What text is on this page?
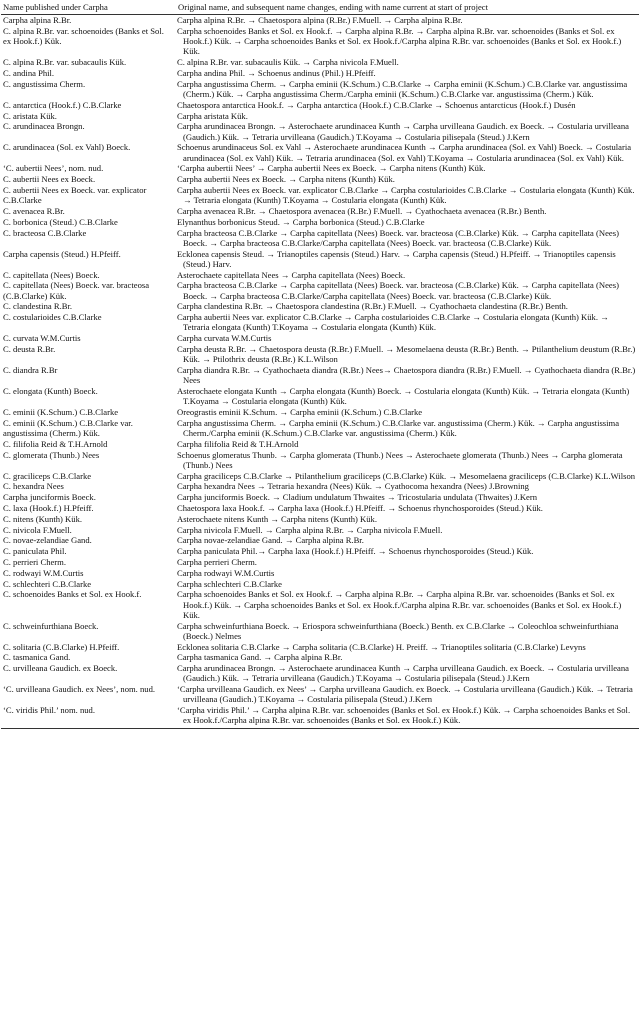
Name published under Carpha	Original name, and subsequent name changes, ending with name current at start of project
Carpha alpina R.Br.	Carpha alpina R.Br. → Chaetospora alpina (R.Br.) F.Muell. → Carpha alpina R.Br.
C. alpina R.Br. var. schoenoides (Banks et Sol. ex Hook.f.) Kük.	Carpha schoenoides Banks et Sol. ex Hook.f. → Carpha alpina R.Br. → Carpha alpina R.Br. var. schoenoides (Banks et Sol. ex Hook.f.) Kük. → Carpha schoenoides Banks et Sol. ex Hook.f./Carpha alpina R.Br. var. schoenoides (Banks et Sol. ex Hook.f.) Kük.
C. alpina R.Br. var. subacaulis Kük.	C. alpina R.Br. var. subacaulis Kük. → Carpha nivicola F.Muell.
C. andina Phil.	Carpha andina Phil. → Schoenus andinus (Phil.) H.Pfeiff.
C. angustissima Cherm.	Carpha angustissima Cherm. → Carpha eminii (K.Schum.) C.B.Clarke → Carpha eminii (K.Schum.) C.B.Clarke var. angustissima (Cherm.) Kük. → Carpha angustissima Cherm./Carpha eminii (K.Schum.) C.B.Clarke var. angustissima (Cherm.) Kük.
C. antarctica (Hook.f.) C.B.Clarke	Chaetospora antarctica Hook.f. → Carpha antarctica (Hook.f.) C.B.Clarke → Schoenus antarcticus (Hook.f.) Dusén
C. aristata Kük.	Carpha aristata Kük.
C. arundinacea Brongn.	Carpha arundinacea Brongn. → Asterochaete arundinacea Kunth → Carpha urvilleana Gaudich. ex Boeck. → Costularia urvilleana (Gaudich.) Kük. → Tetraria urvilleana (Gaudich.) T.Koyama → Costularia pilisepala (Steud.) J.Kern
C. arundinacea (Sol. ex Vahl) Boeck.	Schoenus arundinaceus Sol. ex Vahl → Asterochaete arundinacea Kunth → Carpha arundinacea (Sol. ex Vahl) Boeck. → Costularia arundinacea (Sol. ex Vahl) Kük. → Tetraria arundinacea (Sol. ex Vahl) T.Koyama → Costularia arundinacea (Sol. ex Vahl) Kük.
‘C. aubertii Nees’, nom. nud.	‘Carpha aubertii Nees’ → Carpha aubertii Nees ex Boeck. → Carpha nitens (Kunth) Kük.
C. aubertii Nees ex Boeck.	Carpha aubertii Nees ex Boeck. → Carpha nitens (Kunth) Kük.
C. aubertii Nees ex Boeck. var. explicator C.B.Clarke	Carpha aubertii Nees ex Boeck. var. explicator C.B.Clarke → Carpha costularioides C.B.Clarke → Costularia elongata (Kunth) Kük. → Tetraria elongata (Kunth) T.Koyama → Costularia elongata (Kunth) Kük.
C. avenacea R.Br.	Carpha avenacea R.Br. → Chaetospora avenacea (R.Br.) F.Muell. → Cyathochaeta avenacea (R.Br.) Benth.
C. borbonica (Steud.) C.B.Clarke	Elynanthus borbonicus Steud. → Carpha borbonica (Steud.) C.B.Clarke
C. bracteosa C.B.Clarke	Carpha bracteosa C.B.Clarke → Carpha capitellata (Nees) Boeck. var. bracteosa (C.B.Clarke) Kük. → Carpha capitellata (Nees) Boeck. → Carpha bracteosa C.B.Clarke/Carpha capitellata (Nees) Boeck. var. bracteosa (C.B.Clarke) Kük.
Carpha capensis (Steud.) H.Pfeiff.	Ecklonea capensis Steud. → Trianoptiles capensis (Steud.) Harv. → Carpha capensis (Steud.) H.Pfeiff. → Trianoptiles capensis (Steud.) Harv.
C. capitellata (Nees) Boeck.	Asterochaete capitellata Nees → Carpha capitellata (Nees) Boeck.
C. capitellata (Nees) Boeck. var. bracteosa (C.B.Clarke) Kük.	Carpha bracteosa C.B.Clarke → Carpha capitellata (Nees) Boeck. var. bracteosa (C.B.Clarke) Kük. → Carpha capitellata (Nees) Boeck. → Carpha bracteosa C.B.Clarke/Carpha capitellata (Nees) Boeck. var. bracteosa (C.B.Clarke) Kük.
C. clandestina R.Br.	Carpha clandestina R.Br. → Chaetospora clandestina (R.Br.) F.Muell. → Cyathochaeta clandestina (R.Br.) Benth.
C. costularioides C.B.Clarke	Carpha aubertii Nees var. explicator C.B.Clarke → Carpha costularioides C.B.Clarke → Costularia elongata (Kunth) Kük. → Tetraria elongata (Kunth) T.Koyama → Costularia elongata (Kunth) Kük.
C. curvata W.M.Curtis	Carpha curvata W.M.Curtis
C. deusta R.Br.	Carpha deusta R.Br. → Chaetospora deusta (R.Br.) F.Muell. → Mesomelaena deusta (R.Br.) Benth. → Ptilanthelium deustum (R.Br.) Kük. → Ptilothrix deusta (R.Br.) K.L.Wilson
C. diandra R.Br	Carpha diandra R.Br. → Cyathochaeta diandra (R.Br.) Nees→ Chaetospora diandra (R.Br.) F.Muell. → Cyathochaeta diandra (R.Br.) Nees
C. elongata (Kunth) Boeck.	Asterochaete elongata Kunth → Carpha elongata (Kunth) Boeck. → Costularia elongata (Kunth) Kük. → Tetraria elongata (Kunth) T.Koyama → Costularia elongata (Kunth) Kük.
C. eminii (K.Schum.) C.B.Clarke	Oreograstis eminii K.Schum. → Carpha eminii (K.Schum.) C.B.Clarke
C. eminii (K.Schum.) C.B.Clarke var. angustissima (Cherm.) Kük.	Carpha angustissima Cherm. → Carpha eminii (K.Schum.) C.B.Clarke var. angustissima (Cherm.) Kük. → Carpha angustissima Cherm./Carpha eminii (K.Schum.) C.B.Clarke var. angustissima (Cherm.) Kük.
C. filifolia Reid & T.H.Arnold	Carpha filifolia Reid & T.H.Arnold
C. glomerata (Thunb.) Nees	Schoenus glomeratus Thunb. → Carpha glomerata (Thunb.) Nees → Asterochaete glomerata (Thunb.) Nees → Carpha glomerata (Thunb.) Nees
C. graciliceps C.B.Clarke	Carpha graciliceps C.B.Clarke → Ptilanthelium graciliceps (C.B.Clarke) Kük. → Mesomelaena graciliceps (C.B.Clarke) K.L.Wilson
C. hexandra Nees	Carpha hexandra Nees → Tetraria hexandra (Nees) Kük. → Cyathocoma hexandra (Nees) J.Browning
Carpha junciformis Boeck.	Carpha junciformis Boeck. → Cladium undulatum Thwaites → Tricostularia undulata (Thwaites) J.Kern
C. laxa (Hook.f.) H.Pfeiff.	Chaetospora laxa Hook.f. → Carpha laxa (Hook.f.) H.Pfeiff. → Schoenus rhynchosporoides (Steud.) Kük.
C. nitens (Kunth) Kük.	Asterochaete nitens Kunth → Carpha nitens (Kunth) Kük.
C. nivicola F.Muell.	Carpha nivicola F.Muell. → Carpha alpina R.Br. → Carpha nivicola F.Muell.
C. novae-zelandiae Gand.	Carpha novae-zelandiae Gand. → Carpha alpina R.Br.
C. paniculata Phil.	Carpha paniculata Phil.→ Carpha laxa (Hook.f.) H.Pfeiff. → Schoenus rhynchosporoides (Steud.) Kük.
C. perrieri Cherm.	Carpha perrieri Cherm.
C. rodwayi W.M.Curtis	Carpha rodwayi W.M.Curtis
C. schlechteri C.B.Clarke	Carpha schlechteri C.B.Clarke
C. schoenoides Banks et Sol. ex Hook.f.	Carpha schoenoides Banks et Sol. ex Hook.f. → Carpha alpina R.Br. → Carpha alpina R.Br. var. schoenoides (Banks et Sol. ex Hook.f.) Kük. → Carpha schoenoides Banks et Sol. ex Hook.f./Carpha alpina R.Br. var. schoenoides (Banks et Sol. ex Hook.f.) Kük.
C. schweinfurthiana Boeck.	Carpha schweinfurthiana Boeck. → Eriospora schweinfurthiana (Boeck.) Benth. ex C.B.Clarke → Coleochloa schweinfurthiana (Boeck.) Nelmes
C. solitaria (C.B.Clarke) H.Pfeiff.	Ecklonea solitaria C.B.Clarke → Carpha solitaria (C.B.Clarke) H. Preiff. → Trianoptiles solitaria (C.B.Clarke) Levyns
C. tasmanica Gand.	Carpha tasmanica Gand. → Carpha alpina R.Br.
C. urvilleana Gaudich. ex Boeck.	Carpha arundinacea Brongn. → Asterochaete arundinacea Kunth → Carpha urvilleana Gaudich. ex Boeck. → Costularia urvilleana (Gaudich.) Kük. → Tetraria urvilleana (Gaudich.) T.Koyama → Costularia pilisepala (Steud.) J.Kern
‘C. urvilleana Gaudich. ex Nees’, nom. nud.	‘Carpha urvilleana Gaudich. ex Nees’ → Carpha urvilleana Gaudich. ex Boeck. → Costularia urvilleana (Gaudich.) Kük. → Tetraria urvilleana (Gaudich.) T.Koyama → Costularia pilisepala (Steud.) J.Kern
‘C. viridis Phil.’ nom. nud.	‘Carpha viridis Phil.’ → Carpha alpina R.Br. var. schoenoides (Banks et Sol. ex Hook.f.) Kük. → Carpha schoenoides Banks et Sol. ex Hook.f./Carpha alpina R.Br. var. schoenoides (Banks et Sol. ex Hook.f.) Kük.
